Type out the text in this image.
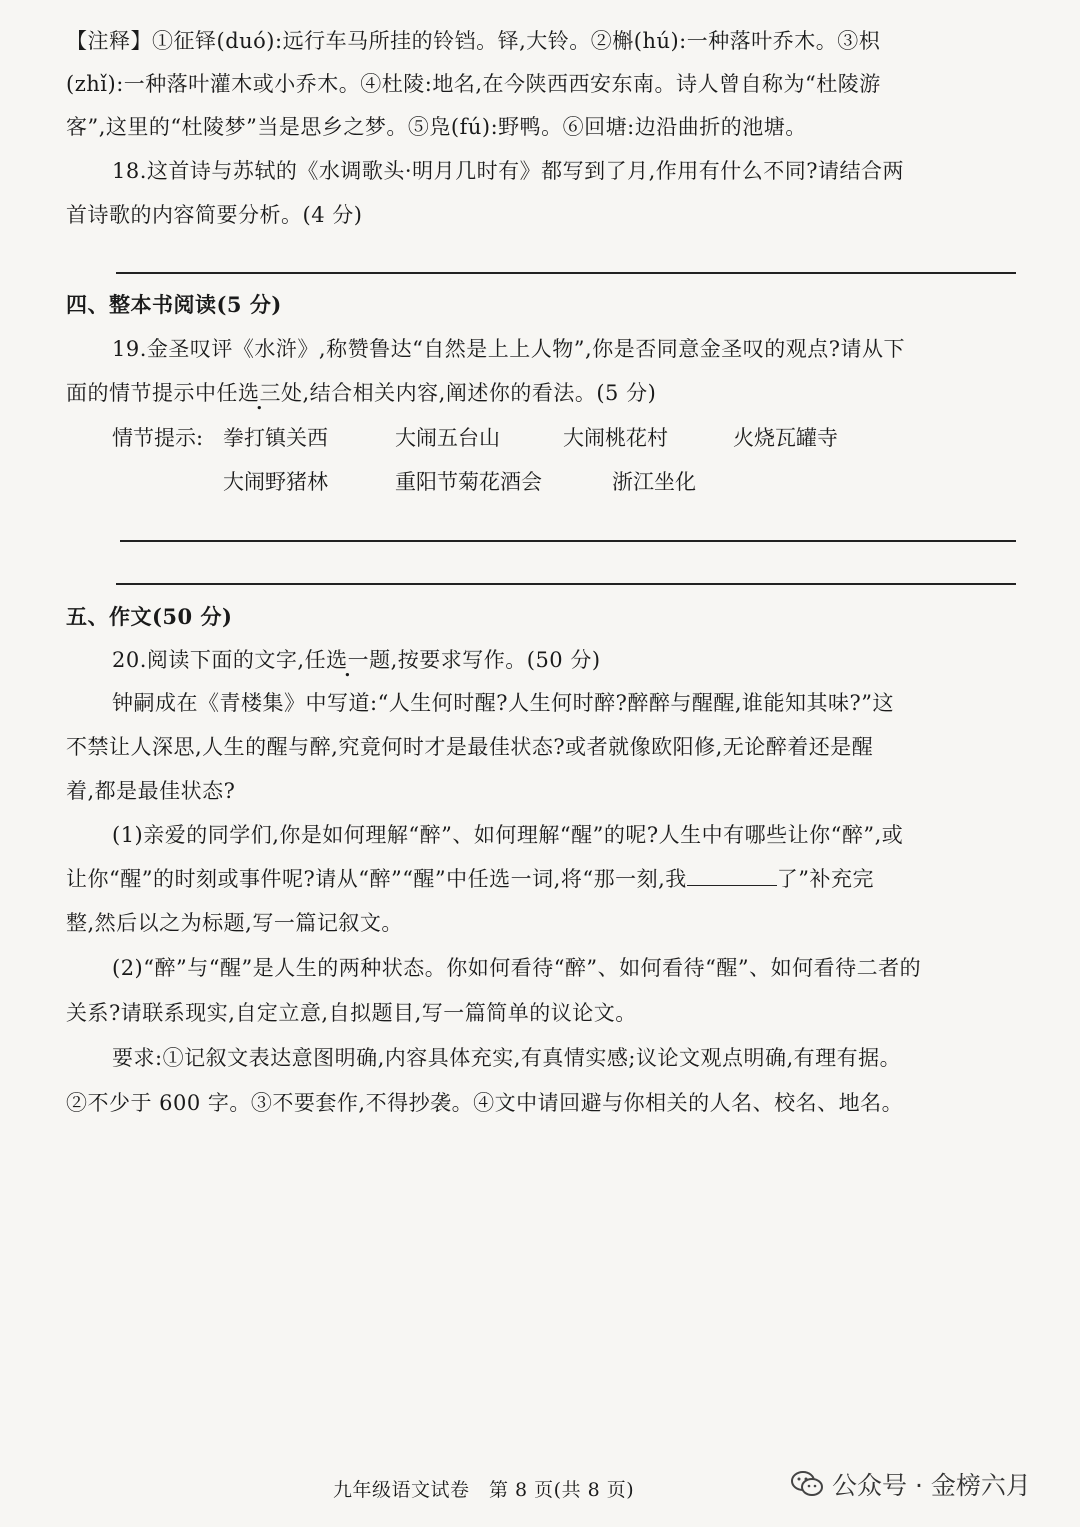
【注释】①征铎(duó):远行车马所挂的铃铛。铎,大铃。②槲(hú):一种落叶乔木。③枳
(zhǐ):一种落叶灌木或小乔木。④杜陵:地名,在今陕西西安东南。诗人曾自称为“杜陵游
客”,这里的“杜陵梦”当是思乡之梦。⑤凫(fú):野鸭。⑥回塘:边沿曲折的池塘。
18.这首诗与苏轼的《水调歌头·明月几时有》都写到了月,作用有什么不同?请结合两
首诗歌的内容简要分析。(4 分)
四、整本书阅读(5 分)
19.金圣叹评《水浒》,称赞鲁达“自然是上上人物”,你是否同意金圣叹的观点?请从下
面的情节提示中任选三处,结合相关内容,阐述你的看法。(5 分)
情节提示: 拳打镇关西	大闹五台山	大闹桃花村	火烧瓦罐寺
大闹野猪林	重阳节菊花酒会	浙江坐化
五、作文(50 分)
20.阅读下面的文字,任选一题,按要求写作。(50 分)
钟嗣成在《青楼集》中写道:“人生何时醒?人生何时醉?醉醉与醒醒,谁能知其味?”这
不禁让人深思,人生的醒与醉,究竟何时才是最佳状态?或者就像欧阳修,无论醉着还是醒
着,都是最佳状态?
(1)亲爱的同学们,你是如何理解“醉”、如何理解“醒”的呢?人生中有哪些让你“醉”,或
让你“醒”的时刻或事件呢?请从“醉”“醒”中任选一词,将“那一刻,我	了”补充完
整,然后以之为标题,写一篇记叙文。
(2)“醉”与“醒”是人生的两种状态。你如何看待“醉”、如何看待“醒”、如何看待二者的
关系?请联系现实,自定立意,自拟题目,写一篇简单的议论文。
要求:①记叙文表达意图明确,内容具体充实,有真情实感;议论文观点明确,有理有据。
②不少于 600 字。③不要套作,不得抄袭。④文中请回避与你相关的人名、校名、地名。
九年级语文试卷　第 8 页(共 8 页)	公众号 · 金榜六月
